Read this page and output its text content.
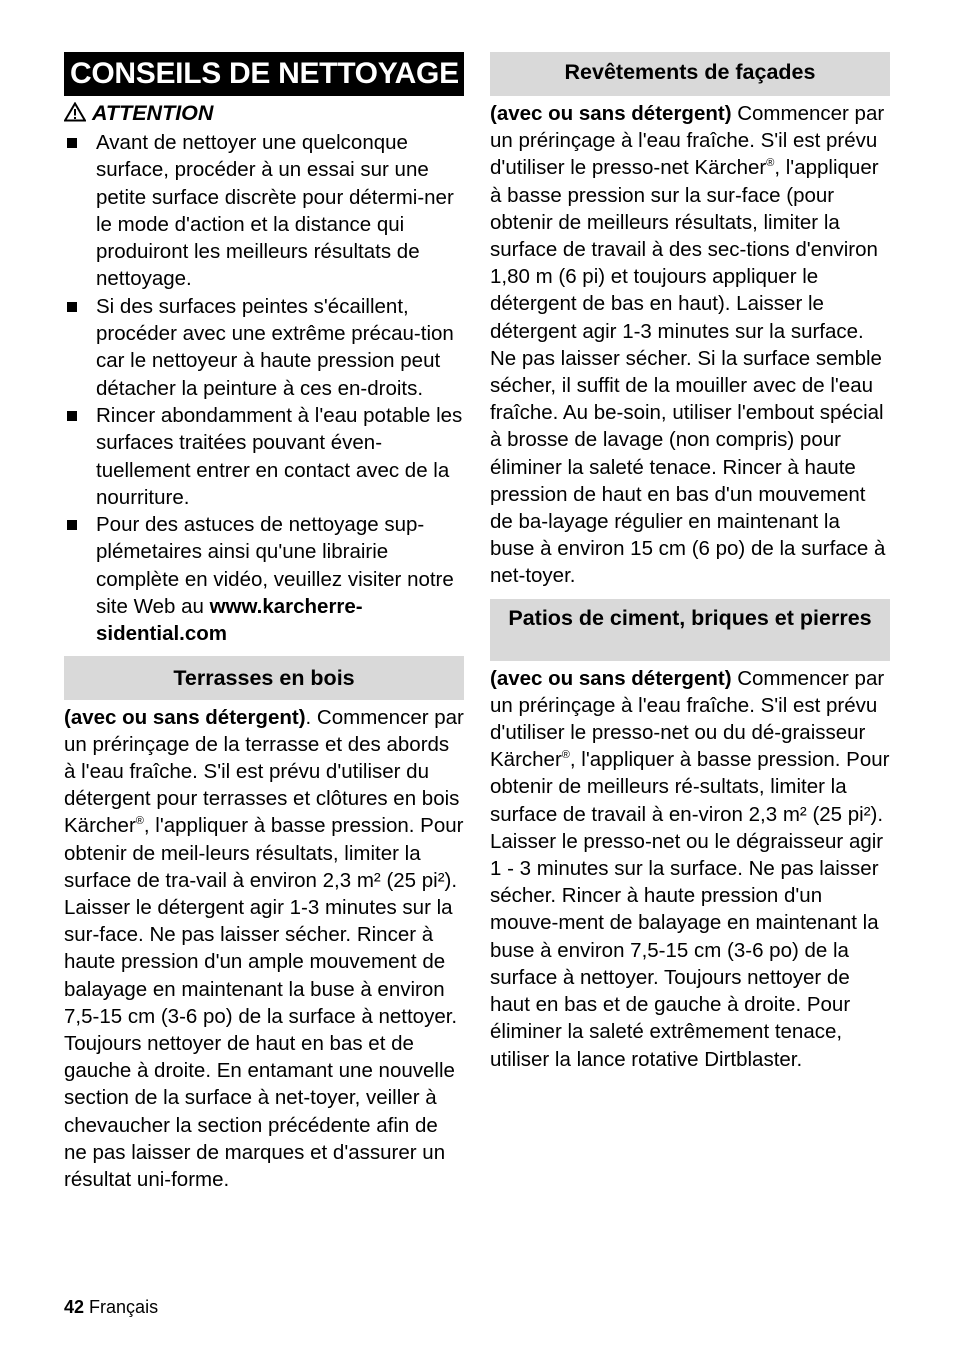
CONSEILS DE NETTOYAGE
ATTENTION
Avant de nettoyer une quelconque surface, procéder à un essai sur une petite surface discrète pour détermi-ner le mode d'action et la distance qui produiront les meilleurs résultats de nettoyage.
Si des surfaces peintes s'écaillent, procéder avec une extrême précau-tion car le nettoyeur à haute pression peut détacher la peinture à ces en-droits.
Rincer abondamment à l'eau potable les surfaces traitées pouvant éven-tuellement entrer en contact avec de la nourriture.
Pour des astuces de nettoyage sup-plémetaires ainsi qu'une librairie complète en vidéo, veuillez visiter notre site Web au www.karcherre-sidential.com
Terrasses en bois

(avec ou sans détergent). Commencer par un prérinçage de la terrasse et des abords à l'eau fraîche. S'il est prévu d'utiliser du détergent pour terrasses et clôtures en bois Kärcher®, l'appliquer à basse pression. Pour obtenir de meil-leurs résultats, limiter la surface de tra-vail à environ 2,3 m² (25 pi²). Laisser le détergent agir 1-3 minutes sur la sur-face. Ne pas laisser sécher. Rincer à haute pression d'un ample mouvement de balayage en maintenant la buse à environ 7,5-15 cm (3-6 po) de la surface à nettoyer. Toujours nettoyer de haut en bas et de gauche à droite. En entamant une nouvelle section de la surface à net-toyer, veiller à chevaucher la section précédente afin de ne pas laisser de marques et d'assurer un résultat uni-forme.

Revêtements de façades

(avec ou sans détergent) Commencer par un prérinçage à l'eau fraîche. S'il est prévu d'utiliser le presso-net Kärcher®, l'appliquer à basse pression sur la sur-face (pour obtenir de meilleurs résultats, limiter la surface de travail à des sec-tions d'environ 1,80 m (6 pi) et toujours appliquer le détergent de bas en haut). Laisser le détergent agir 1-3 minutes sur la surface. Ne pas laisser sécher. Si la surface semble sécher, il suffit de la mouiller avec de l'eau fraîche. Au be-soin, utiliser l'embout spécial à brosse de lavage (non compris) pour éliminer la saleté tenace. Rincer à haute pression de haut en bas d'un mouvement de ba-layage régulier en maintenant la buse à environ 15 cm (6 po) de la surface à net-toyer.

Patios de ciment, briques et pierres

(avec ou sans détergent) Commencer par un prérinçage à l'eau fraîche. S'il est prévu d'utiliser le presso-net ou du dé-graisseur Kärcher®, l'appliquer à basse pression. Pour obtenir de meilleurs ré-sultats, limiter la surface de travail à en-viron 2,3 m² (25 pi²). Laisser le presso-net ou le dégraisseur agir 1 - 3 minutes sur la surface. Ne pas laisser sécher. Rincer à haute pression d'un mouve-ment de balayage en maintenant la buse à environ 7,5-15 cm (3-6 po) de la surface à nettoyer. Toujours nettoyer de haut en bas et de gauche à droite. Pour éliminer la saleté extrêmement tenace, utiliser la lance rotative Dirtblaster.

42 Français
